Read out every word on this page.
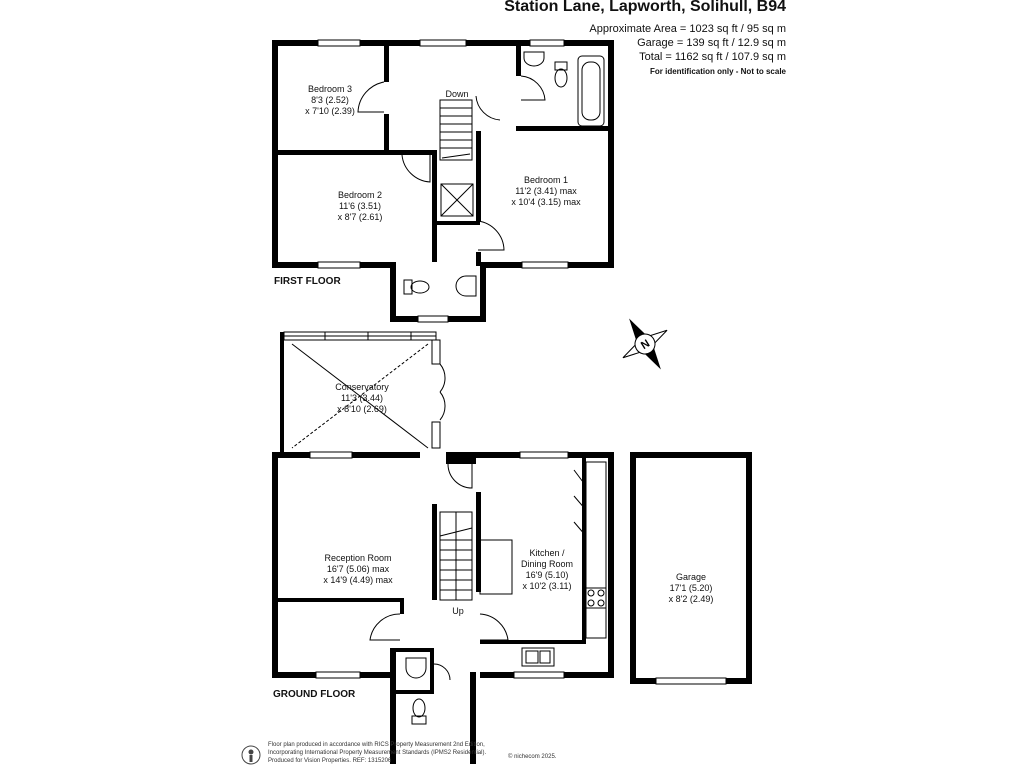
Station Lane, Lapworth, Solihull, B94
Approximate Area = 1023 sq ft / 95 sq m
Garage = 139 sq ft / 12.9 sq m
Total = 1162 sq ft / 107.9 sq m
For identification only - Not to scale
Bedroom 3
8'3 (2.52)
x 7'10 (2.39)
Bedroom 2
11'6 (3.51)
x 8'7 (2.61)
Bedroom 1
11'2 (3.41) max
x 10'4 (3.15) max
Down
FIRST FLOOR
N
Conservatory
11'3 (3.44)
x 8'10 (2.69)
Reception Room
16'7 (5.06) max
x 14'9 (4.49) max
Kitchen /
Dining Room
16'9 (5.10)
x 10'2 (3.11)
Up
GROUND FLOOR
Garage
17'1 (5.20)
x 8'2 (2.49)
Floor plan produced in accordance with RICS Property Measurement 2nd Edition,
Incorporating International Property Measurement Standards (IPMS2 Residential).
Produced for Vision Properties. REF: 1315206
© nichecom 2025.
